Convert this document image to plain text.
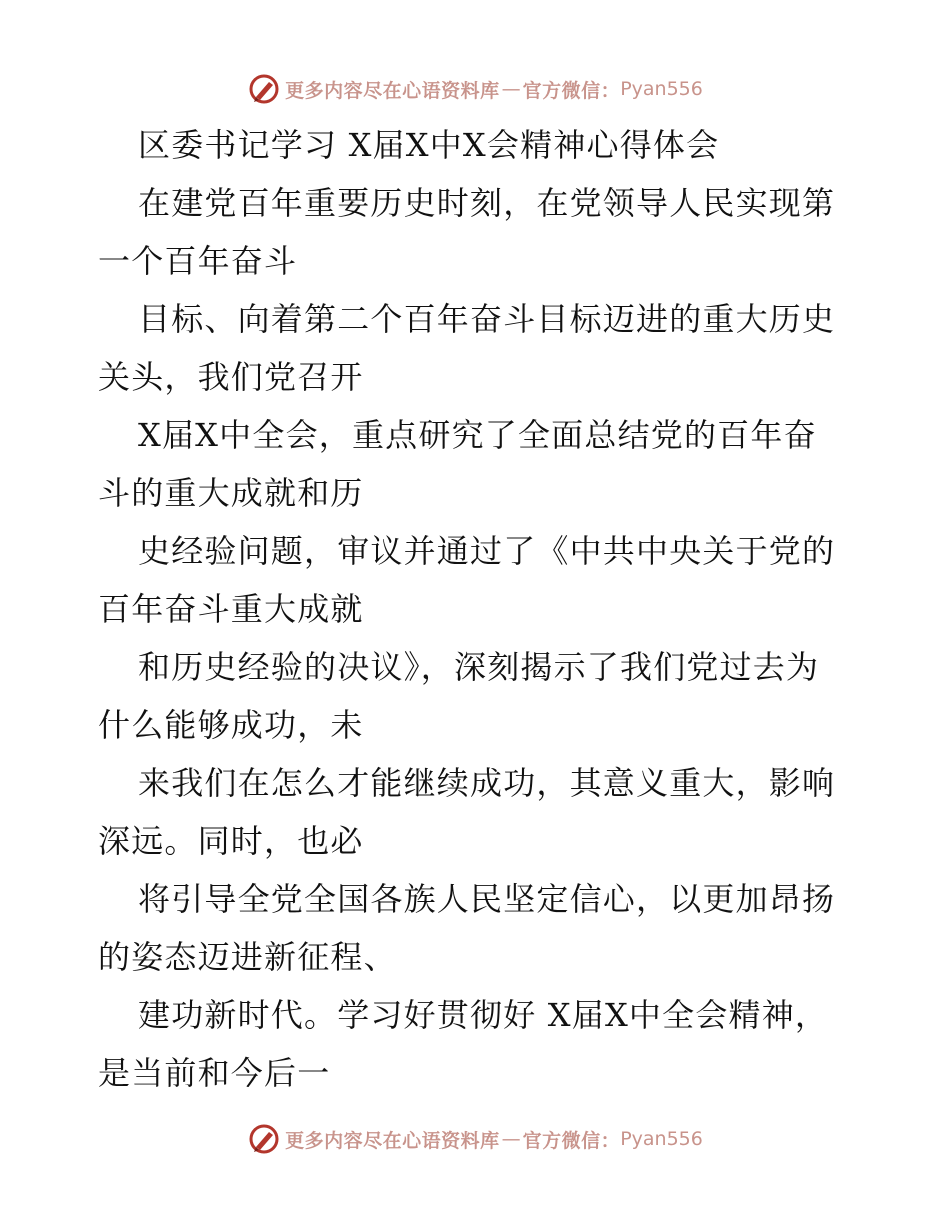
更多内容尽在心语资料库 — 官方微信： Pyan556
区委书记学习 X届X中X会精神心得体会
在建党百年重要历史时刻，在党领导人民实现第
一个百年奋斗
目标、向着第二个百年奋斗目标迈进的重大历史
关头，我们党召开
X届X中全会，重点研究了全面总结党的百年奋
斗的重大成就和历
史经验问题，审议并通过了《中共中央关于党的
百年奋斗重大成就
和历史经验的决议》，深刻揭示了我们党过去为
什么能够成功，未
来我们在怎么才能继续成功，其意义重大，影响
深远。同时，也必
将引导全党全国各族人民坚定信心，以更加昂扬
的姿态迈进新征程、
建功新时代。学习好贯彻好 X届X中全会精神，
是当前和今后一
更多内容尽在心语资料库 — 官方微信： Pyan556
